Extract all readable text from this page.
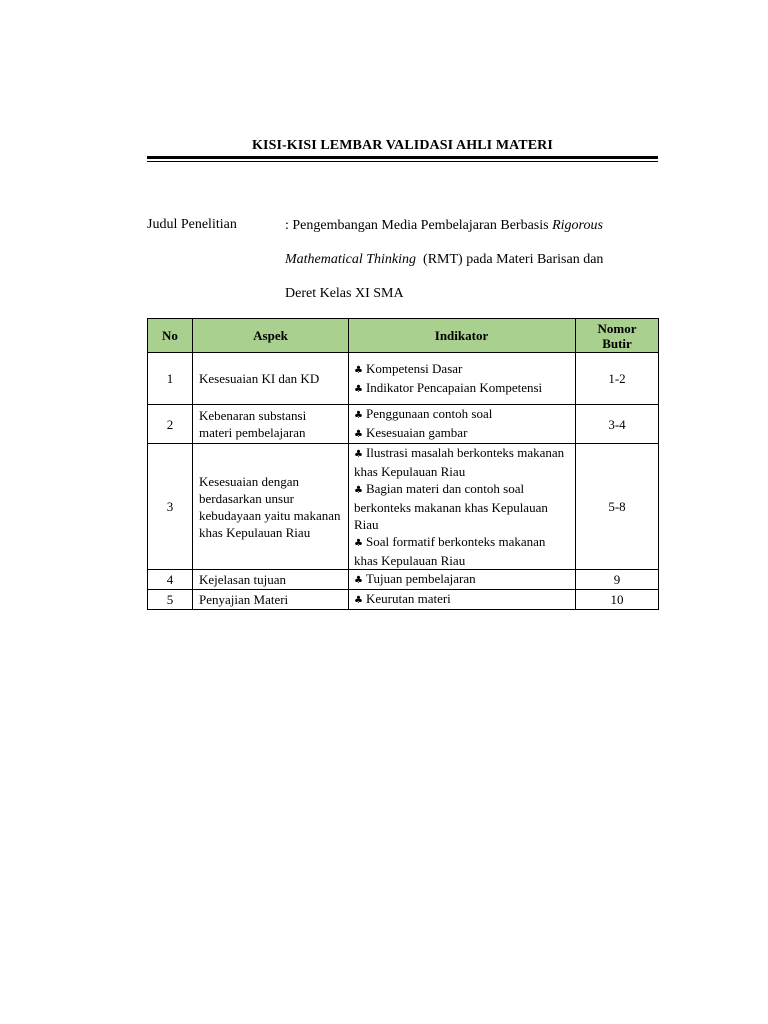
KISI-KISI LEMBAR VALIDASI AHLI MATERI
Judul Penelitian	: Pengembangan Media Pembelajaran Berbasis Rigorous
Mathematical Thinking  (RMT) pada Materi Barisan dan
Deret Kelas XI SMA
No	Aspek	Indikator	Nomor
Butir
1	Kesesuaian KI dan KD	♣ Kompetensi Dasar
♣ Indikator Pencapaian Kompetensi	1-2
2	Kebenaran substansi materi pembelajaran	♣ Penggunaan contoh soal
♣ Kesesuaian gambar	3-4
3	Kesesuaian dengan berdasarkan unsur kebudayaan yaitu makanan khas Kepulauan Riau	♣ Ilustrasi masalah berkonteks makanan khas Kepulauan Riau
♣ Bagian materi dan contoh soal berkonteks makanan khas Kepulauan Riau
♣ Soal formatif berkonteks makanan khas Kepulauan Riau	5-8
4	Kejelasan tujuan	♣ Tujuan pembelajaran	9
5	Penyajian Materi	♣ Keurutan materi	10
